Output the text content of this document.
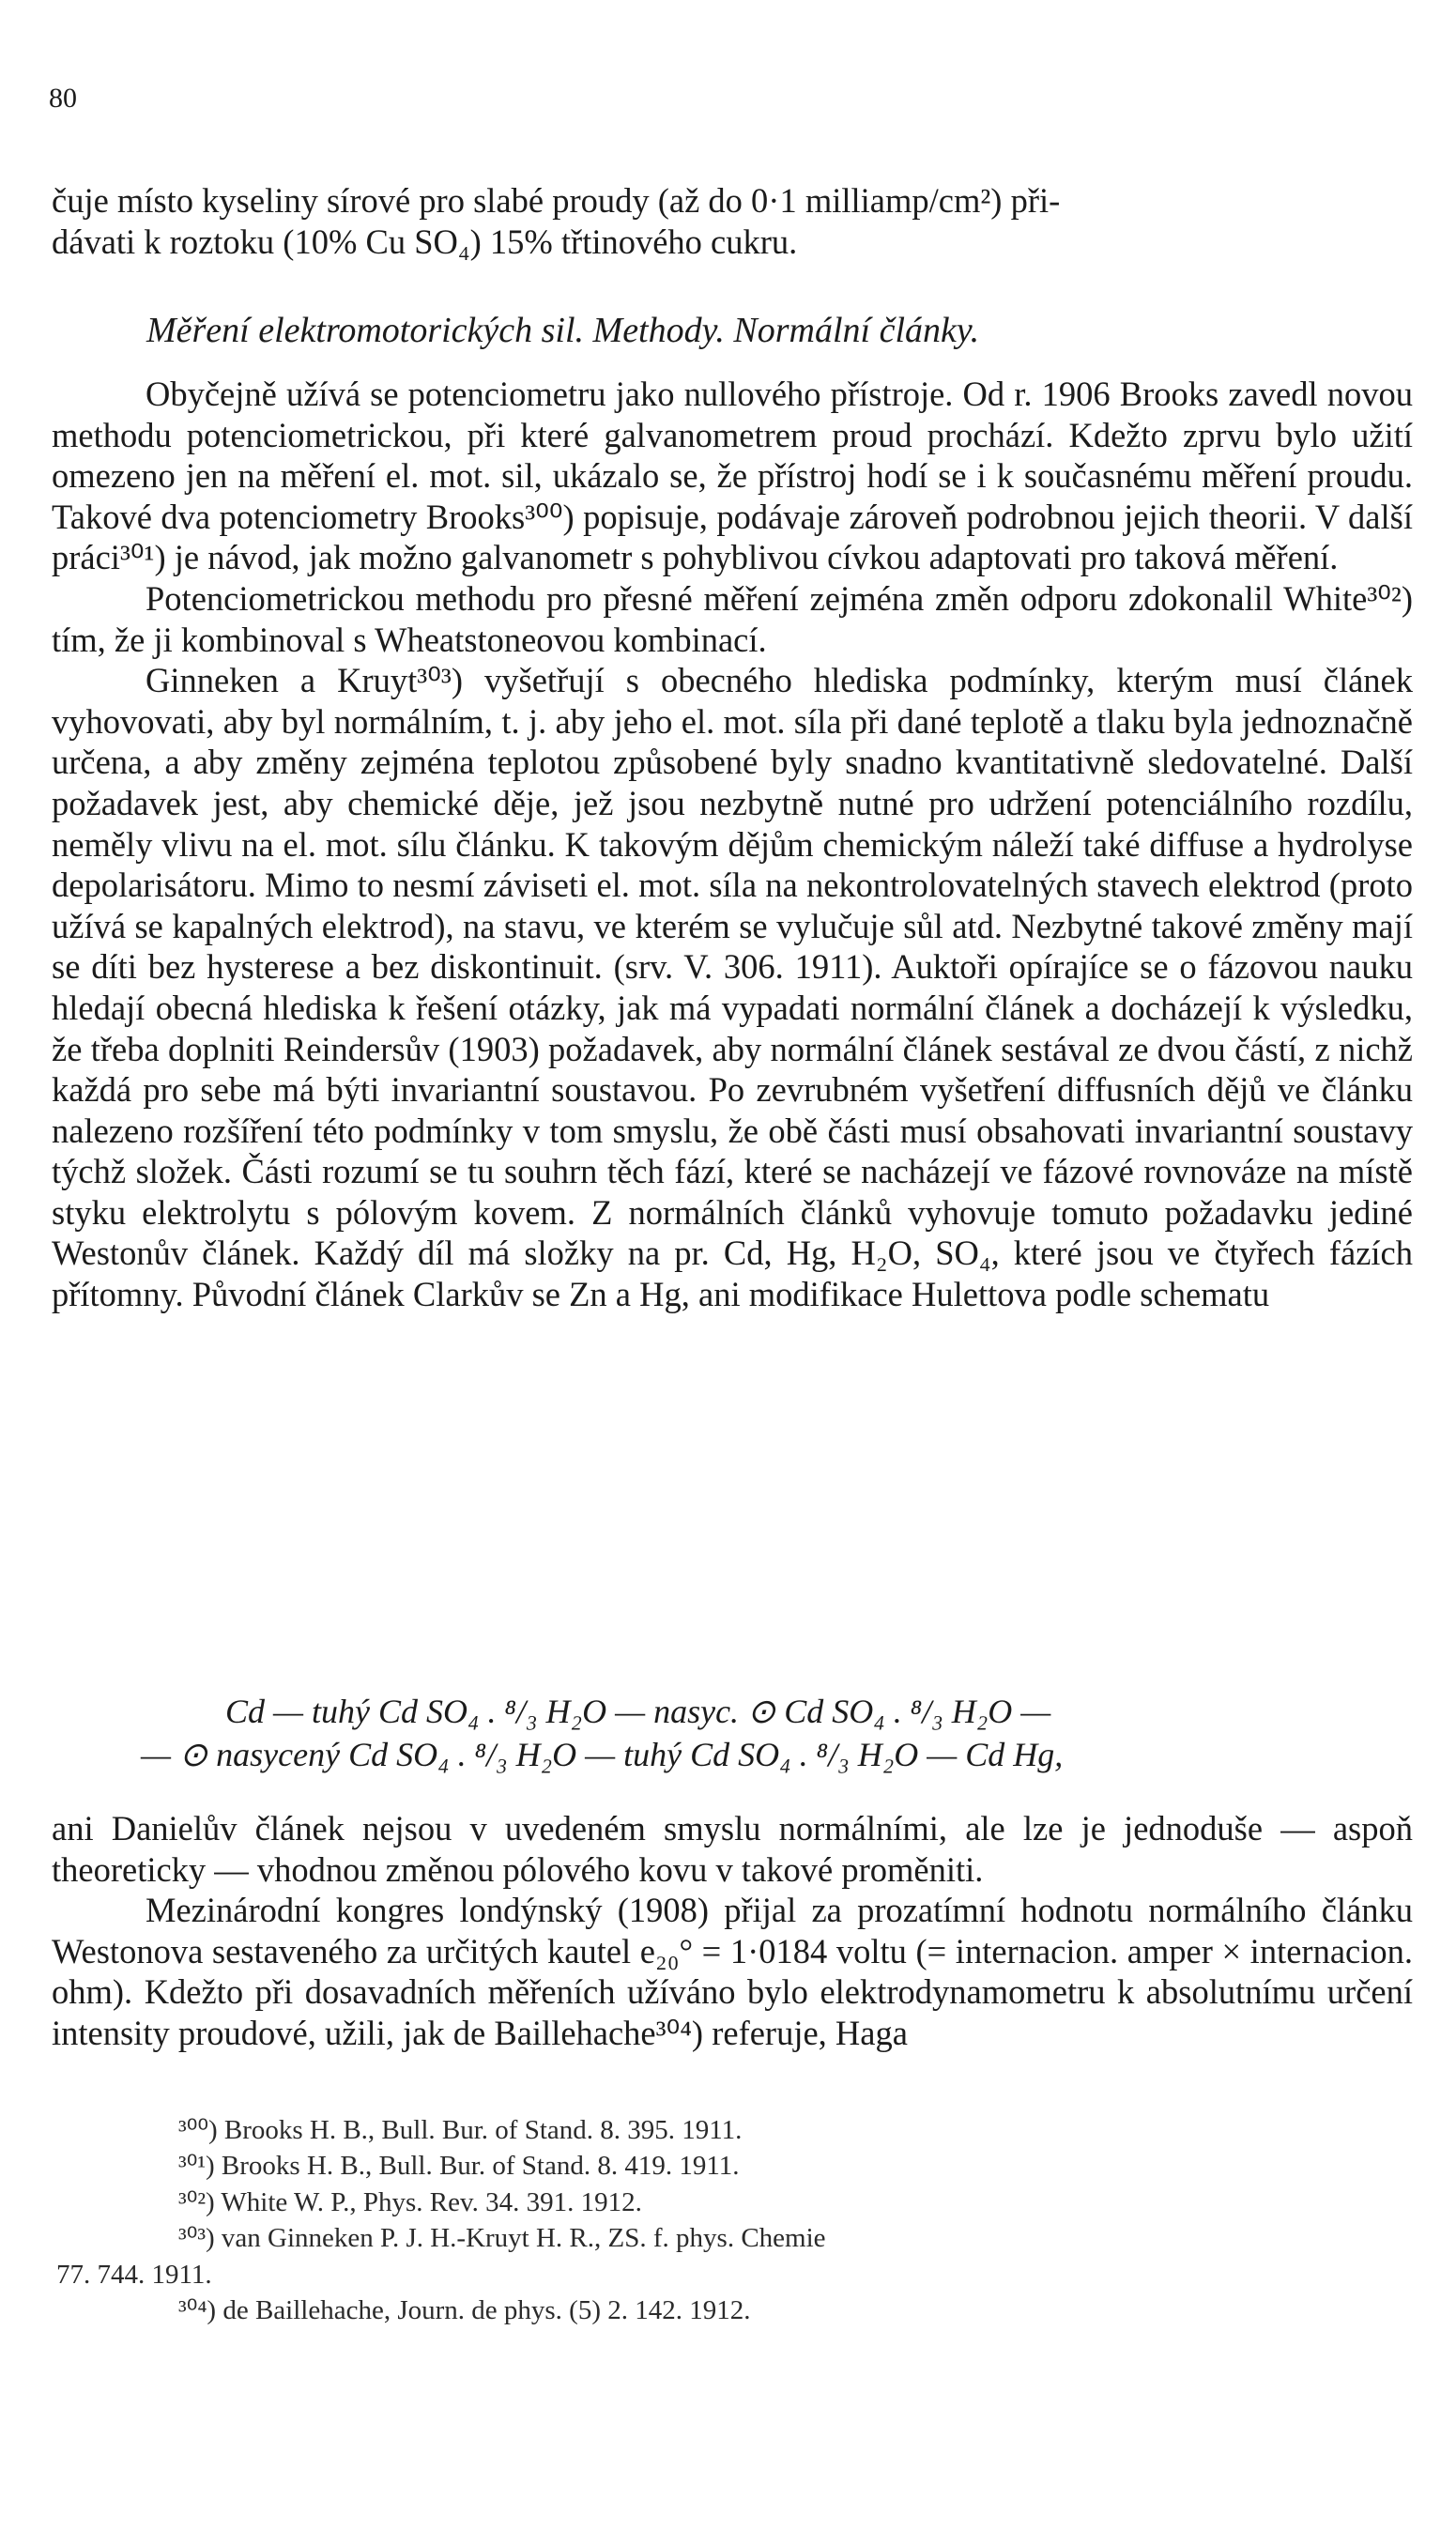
80

čuje místo kyseliny sírové pro slabé proudy (až do 0·1 milliamp/cm²) při-

dávati k roztoku (10% Cu SO₄) 15% třtinového cukru.

Měření elektromotorických sil. Methody. Normální články.

Obyčejně užívá se potenciometru jako nullového přístroje. Od r. 1906 Brooks zavedl novou methodu potenciometrickou, při které galvanometrem proud prochází. Kdežto zprvu bylo užití omezeno jen na měření el. mot. sil, ukázalo se, že přístroj hodí se i k současnému měření proudu. Takové dva potenciometry Brooks³⁰⁰) popisuje, podávaje zároveň podrobnou jejich theorii. V další práci³⁰¹) je návod, jak možno galvanometr s pohyblivou cívkou adaptovati pro taková měření.

Potenciometrickou methodu pro přesné měření zejména změn odporu zdokonalil White³⁰²) tím, že ji kombinoval s Wheatstoneovou kombinací.

Ginneken a Kruyt³⁰³) vyšetřují s obecného hlediska podmínky, kterým musí článek vyhovovati, aby byl normálním, t. j. aby jeho el. mot. síla při dané teplotě a tlaku byla jednoznačně určena, a aby změny zejména teplotou způsobené byly snadno kvantitativně sledovatelné. Další požadavek jest, aby chemické děje, jež jsou nezbytně nutné pro udržení potenciálního rozdílu, neměly vlivu na el. mot. sílu článku. K takovým dějům chemickým náleží také diffuse a hydrolyse depolarisátoru. Mimo to nesmí záviseti el. mot. síla na nekontrolovatelných stavech elektrod (proto užívá se kapalných elektrod), na stavu, ve kterém se vylučuje sůl atd. Nezbytné takové změny mají se díti bez hysterese a bez diskontinuit. (srv. V. 306. 1911). Auktoři opírajíce se o fázovou nauku hledají obecná hlediska k řešení otázky, jak má vypadati normální článek a docházejí k výsledku, že třeba doplniti Reindersův (1903) požadavek, aby normální článek sestával ze dvou částí, z nichž každá pro sebe má býti invariantní soustavou. Po zevrubném vyšetření diffusních dějů ve článku nalezeno rozšíření této podmínky v tom smyslu, že obě části musí obsahovati invariantní soustavy týchž složek. Části rozumí se tu souhrn těch fází, které se nacházejí ve fázové rovnováze na místě styku elektrolytu s pólovým kovem. Z normálních článků vyhovuje tomuto požadavku jediné Westonův článek. Každý díl má složky na pr. Cd, Hg, H₂O, SO₄, které jsou ve čtyřech fázích přítomny. Původní článek Clarkův se Zn a Hg, ani modifikace Hulettova podle schematu

Cd — tuhý Cd SO₄ . ⁸/₃ H₂O — nasyc. ⊙ Cd SO₄ . ⁸/₃ H₂O —
— ⊙ nasycený Cd SO₄ . ⁸/₃ H₂O — tuhý Cd SO₄ . ⁸/₃ H₂O — Cd Hg,

ani Danielův článek nejsou v uvedeném smyslu normálními, ale lze je jednoduše — aspoň theoreticky — vhodnou změnou pólového kovu v takové proměniti.

Mezinárodní kongres londýnský (1908) přijal za prozatímní hodnotu normálního článku Westonova sestaveného za určitých kautel e₂₀° = 1·0184 voltu (= internacion. amper × internacion. ohm). Kdežto při dosavadních měřeních užíváno bylo elektrodynamometru k absolutnímu určení intensity proudové, užili, jak de Baillehache³⁰⁴) referuje, Haga

³⁰⁰) Brooks H. B., Bull. Bur. of Stand. 8. 395. 1911.

³⁰¹) Brooks H. B., Bull. Bur. of Stand. 8. 419. 1911.

³⁰²) White W. P., Phys. Rev. 34. 391. 1912.

³⁰³) van Ginneken P. J. H.-Kruyt H. R., ZS. f. phys. Chemie

77. 744. 1911.

³⁰⁴) de Baillehache, Journ. de phys. (5) 2. 142. 1912.
